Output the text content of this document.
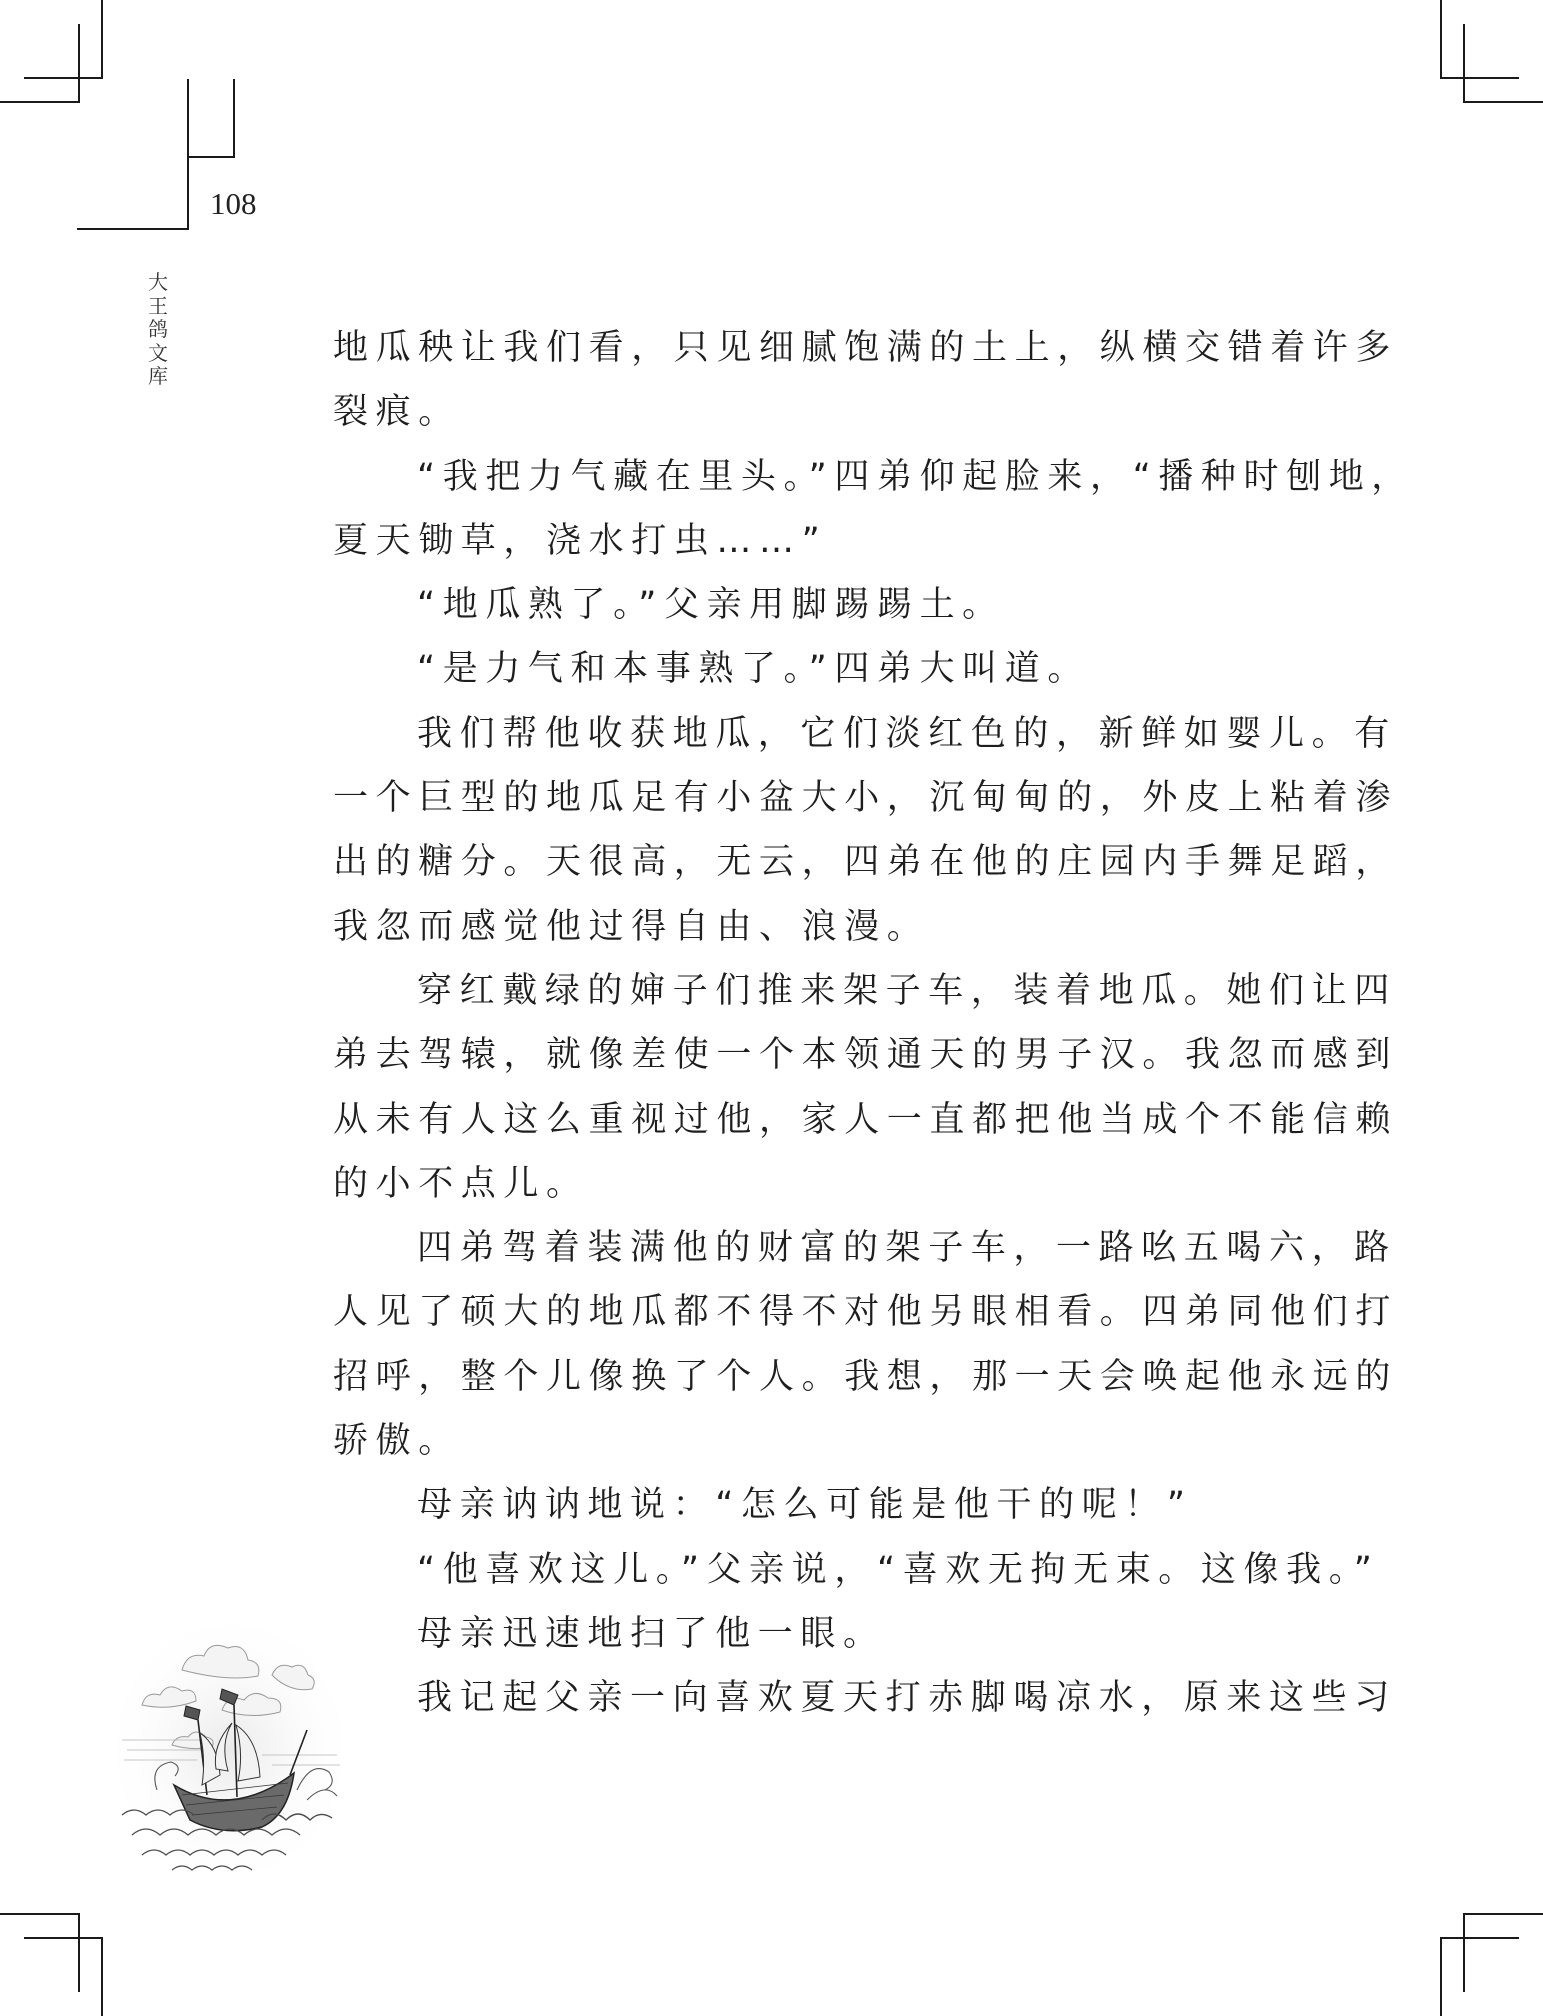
108
大王鸽文库
地瓜秧让我们看，只见细腻饱满的土上，纵横交错着许多
裂痕。
“我把力气藏在里头。”四弟仰起脸来，“播种时刨地，
夏天锄草，浇水打虫……”
“地瓜熟了。”父亲用脚踢踢土。
“是力气和本事熟了。”四弟大叫道。
我们帮他收获地瓜，它们淡红色的，新鲜如婴儿。有
一个巨型的地瓜足有小盆大小，沉甸甸的，外皮上粘着渗
出的糖分。天很高，无云，四弟在他的庄园内手舞足蹈，
我忽而感觉他过得自由、浪漫。
穿红戴绿的婶子们推来架子车，装着地瓜。她们让四
弟去驾辕，就像差使一个本领通天的男子汉。我忽而感到
从未有人这么重视过他，家人一直都把他当成个不能信赖
的小不点儿。
四弟驾着装满他的财富的架子车，一路吆五喝六，路
人见了硕大的地瓜都不得不对他另眼相看。四弟同他们打
招呼，整个儿像换了个人。我想，那一天会唤起他永远的
骄傲。
母亲讷讷地说：“怎么可能是他干的呢！”
“他喜欢这儿。”父亲说，“喜欢无拘无束。这像我。”
母亲迅速地扫了他一眼。
我记起父亲一向喜欢夏天打赤脚喝凉水，原来这些习
